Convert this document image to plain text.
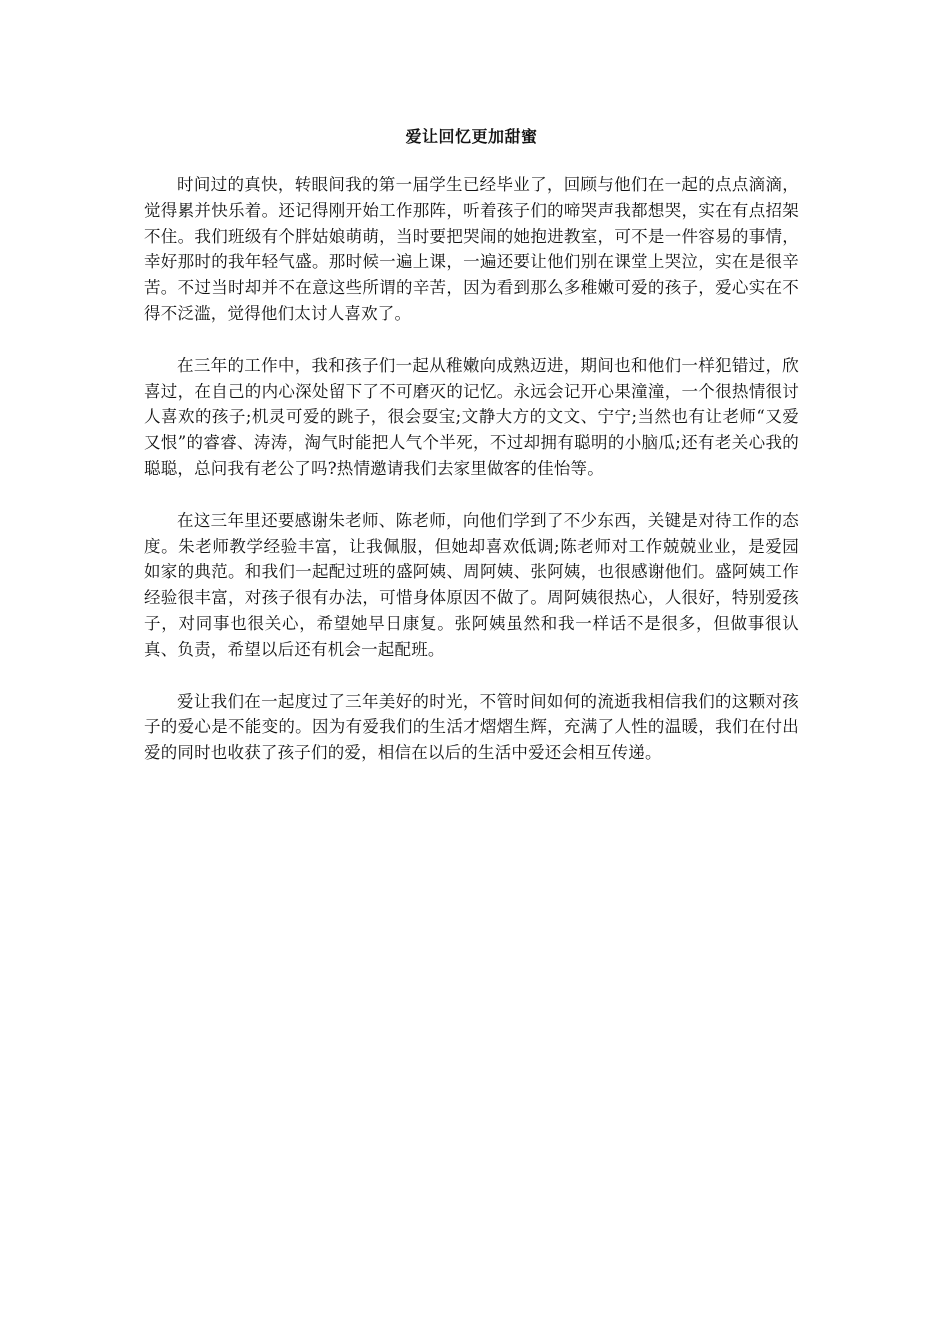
爱让回忆更加甜蜜

时间过的真快，转眼间我的第一届学生已经毕业了，回顾与他们在一起的点点滴滴，觉得累并快乐着。还记得刚开始工作那阵，听着孩子们的啼哭声我都想哭，实在有点招架不住。我们班级有个胖姑娘萌萌，当时要把哭闹的她抱进教室，可不是一件容易的事情，幸好那时的我年轻气盛。那时候一遍上课，一遍还要让他们别在课堂上哭泣，实在是很辛苦。不过当时却并不在意这些所谓的辛苦，因为看到那么多稚嫩可爱的孩子，爱心实在不得不泛滥，觉得他们太讨人喜欢了。

在三年的工作中，我和孩子们一起从稚嫩向成熟迈进，期间也和他们一样犯错过，欣喜过，在自己的内心深处留下了不可磨灭的记忆。永远会记开心果潼潼，一个很热情很讨人喜欢的孩子;机灵可爱的跳子，很会耍宝;文静大方的文文、宁宁;当然也有让老师“又爱又恨”的睿睿、涛涛，淘气时能把人气个半死，不过却拥有聪明的小脑瓜;还有老关心我的聪聪，总问我有老公了吗?热情邀请我们去家里做客的佳怡等。

在这三年里还要感谢朱老师、陈老师，向他们学到了不少东西，关键是对待工作的态度。朱老师教学经验丰富，让我佩服，但她却喜欢低调;陈老师对工作兢兢业业，是爱园如家的典范。和我们一起配过班的盛阿姨、周阿姨、张阿姨，也很感谢他们。盛阿姨工作经验很丰富，对孩子很有办法，可惜身体原因不做了。周阿姨很热心，人很好，特别爱孩子，对同事也很关心，希望她早日康复。张阿姨虽然和我一样话不是很多，但做事很认真、负责，希望以后还有机会一起配班。

爱让我们在一起度过了三年美好的时光，不管时间如何的流逝我相信我们的这颗对孩子的爱心是不能变的。因为有爱我们的生活才熠熠生辉，充满了人性的温暖，我们在付出爱的同时也收获了孩子们的爱，相信在以后的生活中爱还会相互传递。
